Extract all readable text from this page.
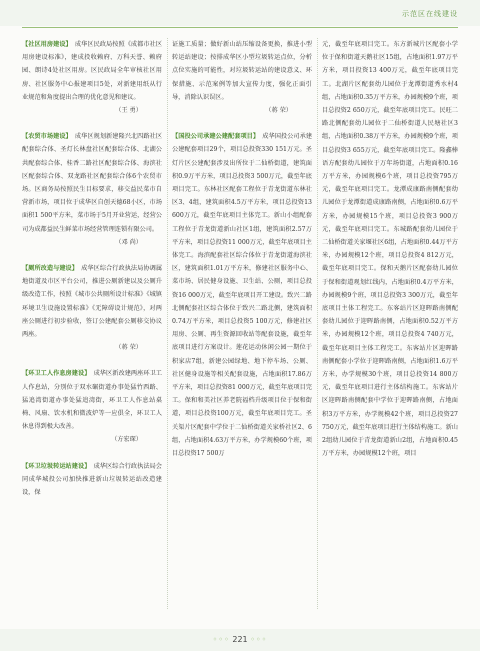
示范区在线建设

【社区用房建设】  成华区民政局按照《成都市社区用房建设标准》，建成投收赖府、万科天誉、赖府园、朗诗4处社区用房。区民政局全年审核社区用房、社区服务中心报建项目5处，对新建用纸从行业规范和角度提出合理的优化意见和建议。
（王 勇）

【农贸市场建设】  成华区规划新建隆兴北四路社区配套综合体、圣灯长林盘社区配套综合体、北湖公共配套综合体、桂香二路社区配套综合体、海滨社区配套综合体、双龙路社区配套综合体6个农贸市场。区商务局按照民生目标要求，移交益民菜市自营新市场，项目位于成华区自创天德68小区，市场面积1 500平方米，菜市场于5月开业营运，经营公司为成都益民生鲜菜市场经营管理连锁有限公司。
（邓 尚）

【厕所改造与建设】  成华区综合行政执法局协调属地街道及市区平台公司，推进公厕新建以及公厕升级改造工作，按照《城市公共厕所设计标准》《城镇环境卫生设施设置标准》《无障碍设计规范》，对两座公厕进行初步验收，签订公建配套公厕移交协议两座。
（蒋 荣）

【环卫工人作息房建设】  成华区新改建两座环卫工人作息站，分别位于双水碾街道办事处猛竹西路、猛追湾街道办事处猛追湾街，环卫工人作息站桌椅、风扇、饮水机和微波炉等一应俱全，环卫工人休息得到极大改善。
（方宏琛）

【环卫垃圾转运站建设】  成华区综合行政执法局会同成华城投公司加快推进新山垃圾转运站改造建设，保

证施工质量；做好新山站压缩设备更换，推进小型转运站建设；按排成华区小型垃圾转运点位，分析点位实施的可能性，对垃圾转运站的建设意义、环保措施、示范案例等加大宣传力度，强化正面引导，消除认识误区。
（蒋 荣）

【国投公司承建公建配套项目】  成华国投公司承建公建配套项目29个，项目总投资330 151万元。圣灯片区公建配套涉及出所位于二仙桥街道，建筑面积0.9万平方米，项目总投资3 500万元，截至年底项目完工。东林社区配套工程位于青龙街道东林社区3、4组，建筑面积4.5万平方米，项目总投资13 600万元，截至年底项目主体完工。新山小组配套工程位于青龙街道新山社区1组，建筑面积2.57万平方米，项目总投资11 000万元，截至年底项目主体完工。海滨配套社区综合体位于青龙街道海滨社区，建筑面积1.01万平方米，修建社区服务中心、菜市场、居民健身设施、卫生站、公厕，项目总投资16 000万元，截至年底项目开工建设。致兴二路北侧配套社区综合体位于致兴二路北侧，建筑面积0.74万平方米，项目总投资5 100万元，修建社区用房、公厕、再生资源回收站等配套设施，截至年底项目进行方案设计。莲花运动休闲公园一期位于积家店7组，新建公园绿地、地下停车场、公厕、社区健身设施等相关配套设施，占地面积17.86万平方米，项目总投资81 000万元，截至年底项目完工。保和和美社区养老院福档升级项目位于保和街道，项目总投资100万元，截至年底项目完工。圣关渠片区配套中学位于二仙桥街道关家桥社区2、6组，占地面积4.63万平方米，办学规模60个班，项目总投资17 500万

元，截至年底项目完工。东方新城片区配套小学位于保和街道天鹅社区15组，占地面积1.97万平方米，项目投资13 400万元，截至年底项目完工。北湖片区配套幼儿园位于龙潭街道秀水村4组，占地面积0.35万平方米，办园规模9个班，项目总投资2 650万元，截至年底项目完工。民旺二路北侧配套幼儿园位于二仙桥街道人民塘社区3组，占地面积0.38万平方米，办园规模9个班，项目总投资3 655万元，截至年底项目完工。隆鑫棒语方配套幼儿园位于万年场街道，占地面积0.16万平方米，办园规模6个班，项目总投资795万元，截至年底项目完工。龙潭成康路南侧配套幼儿园位于龙潭街道成康路南侧，占地面积0.6万平方米，办园规模15个班，项目总投资3 900万元，截至年底项目完工。东城路配套幼儿园位于二仙桥街道关家堰社区6组，占地面积0.44万平方米，办园规模12个班，项目总投资4 812万元，截至年底项目完工。保和天鹅片区配套幼儿园位于保和街道观划红线内，占地面积0.4万平方米，办园规模9个班，项目总投资3 300万元，截至年底项目主体工程完工。东客站片区迎晖路南侧配套幼儿园位于迎晖路南侧，占地面积0.52万平方米，办园规模12个班，项目总投资4 740万元，截至年底项目主体工程完工。东客站片区迎晖路南侧配套小学位于迎晖路南侧，占地面积1.6万平方米，办学规模30个班，项目总投资14 800万元，截至年底项目进行主体结构施工。东客站片区迎晖路南侧配套中学位于迎晖路南侧，占地面积3万平方米，办学规模42个班，项目总投资27 750万元，截至年底项目进行主体结构施工。新山2组幼儿园位于青龙街道新山2组，占地面积0.45万平方米，办园规模12个班，项目

◦◦◦ 221 ◦◦◦
